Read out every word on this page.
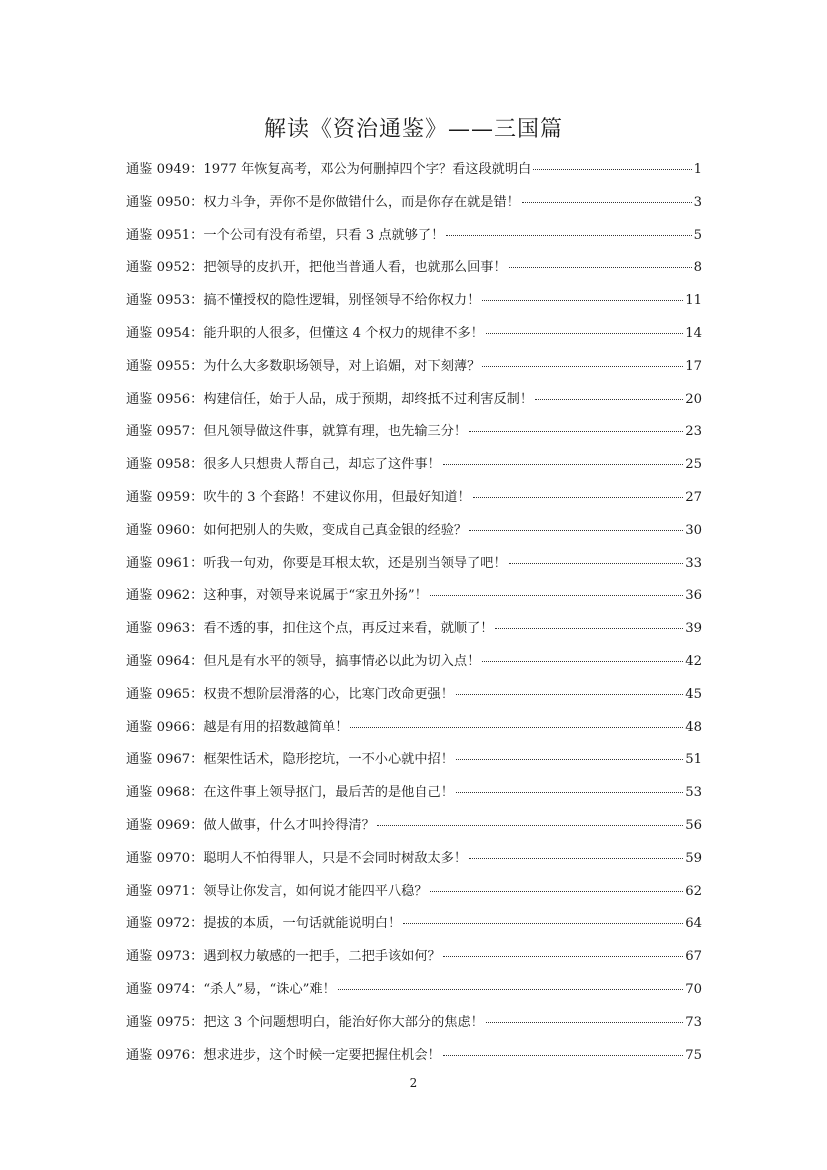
解读《资治通鉴》——三国篇
通鉴 0949：1977 年恢复高考，邓公为何删掉四个字？看这段就明白	1
通鉴 0950：权力斗争，弄你不是你做错什么，而是你存在就是错！	3
通鉴 0951：一个公司有没有希望，只看 3 点就够了！	5
通鉴 0952：把领导的皮扒开，把他当普通人看，也就那么回事！	8
通鉴 0953：搞不懂授权的隐性逻辑，别怪领导不给你权力！	11
通鉴 0954：能升职的人很多，但懂这 4 个权力的规律不多！	14
通鉴 0955：为什么大多数职场领导，对上谄媚，对下刻薄？	17
通鉴 0956：构建信任，始于人品，成于预期，却终抵不过利害反制！	20
通鉴 0957：但凡领导做这件事，就算有理，也先输三分！	23
通鉴 0958：很多人只想贵人帮自己，却忘了这件事！	25
通鉴 0959：吹牛的 3 个套路！不建议你用，但最好知道！	27
通鉴 0960：如何把别人的失败，变成自己真金银的经验？	30
通鉴 0961：听我一句劝，你要是耳根太软，还是别当领导了吧！	33
通鉴 0962：这种事，对领导来说属于“家丑外扬”！	36
通鉴 0963：看不透的事，扣住这个点，再反过来看，就顺了！	39
通鉴 0964：但凡是有水平的领导，搞事情必以此为切入点！	42
通鉴 0965：权贵不想阶层滑落的心，比寒门改命更强！	45
通鉴 0966：越是有用的招数越简单！	48
通鉴 0967：框架性话术，隐形挖坑，一不小心就中招！	51
通鉴 0968：在这件事上领导抠门，最后苦的是他自己！	53
通鉴 0969：做人做事，什么才叫拎得清？	56
通鉴 0970：聪明人不怕得罪人，只是不会同时树敌太多！	59
通鉴 0971：领导让你发言，如何说才能四平八稳？	62
通鉴 0972：提拔的本质，一句话就能说明白！	64
通鉴 0973：遇到权力敏感的一把手，二把手该如何？	67
通鉴 0974：“杀人”易，“诛心”难！	70
通鉴 0975：把这 3 个问题想明白，能治好你大部分的焦虑！	73
通鉴 0976：想求进步，这个时候一定要把握住机会！	75
2
